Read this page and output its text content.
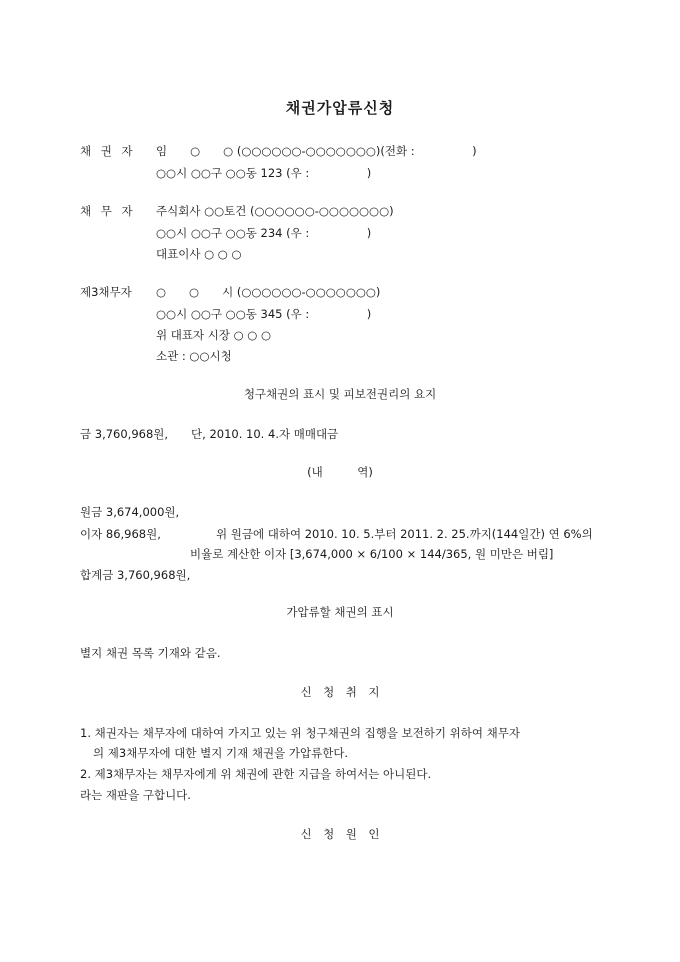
채권가압류신청
채 권 자	임　　○　　○ (○○○○○○-○○○○○○○)(전화 :　　　　　)
○○시 ○○구 ○○동 123 (우 :　　　　　)
채 무 자	주식회사 ○○토건 (○○○○○○-○○○○○○○)
○○시 ○○구 ○○동 234 (우 :　　　　　)
대표이사 ○ ○ ○
제3채무자	○　　○　　시 (○○○○○○-○○○○○○○)
○○시 ○○구 ○○동 345 (우 :　　　　　)
위 대표자 시장 ○ ○ ○
소관 : ○○시청
청구채권의 표시 및 피보전권리의 요지
금 3,760,968원,　　단, 2010. 10. 4.자 매매대금
(내　　　역)
원금 3,674,000원,
이자 86,968원,	위 원금에 대하여 2010. 10. 5.부터 2011. 2. 25.까지(144일간) 연 6%의
비율로 계산한 이자 [3,674,000 × 6/100 × 144/365, 원 미만은 버림]
합계금 3,760,968원,
가압류할 채권의 표시
별지 채권 목록 기재와 같음.
신　청　취　지
1. 채권자는 채무자에 대하여 가지고 있는 위 청구채권의 집행을 보전하기 위하여 채무자
의 제3채무자에 대한 별지 기재 채권을 가압류한다.
2. 제3채무자는 채무자에게 위 채권에 관한 지급을 하여서는 아니된다.
라는 재판을 구합니다.
신　청　원　인
